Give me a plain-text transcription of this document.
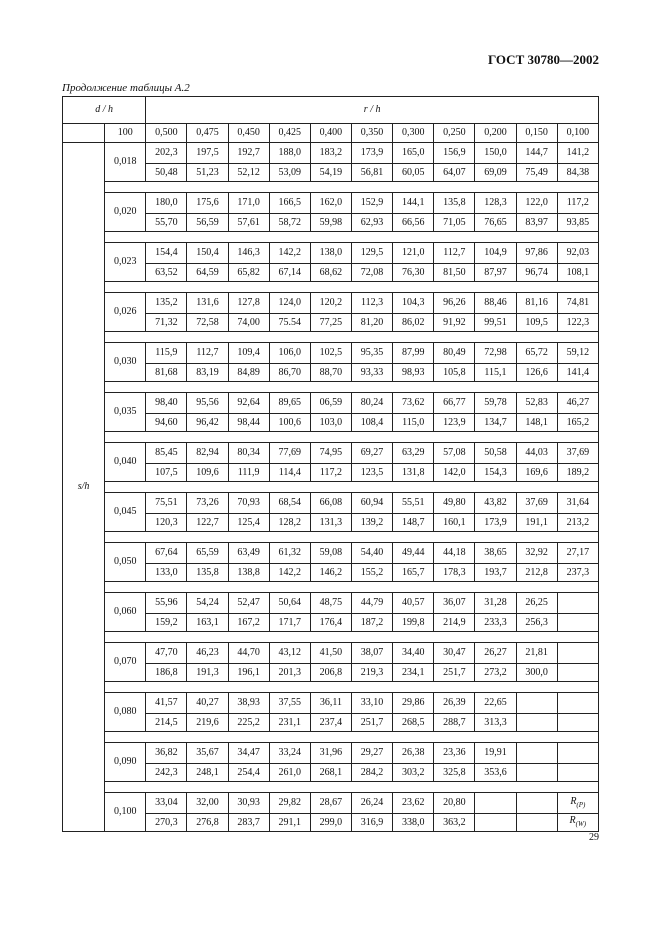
ГОСТ 30780—2002
Продолжение таблицы А.2
d / h		r / h										
	100	0,500	0,475	0,450	0,425	0,400	0,350	0,300	0,250	0,200	0,150	0,100
s/h	0,018	202,3	197,5	192,7	188,0	183,2	173,9	165,0	156,9	150,0	144,7	141,2
		50,48	51,23	52,12	53,09	54,19	56,81	60,05	64,07	69,09	75,49	84,38

	0,020	180,0	175,6	171,0	166,5	162,0	152,9	144,1	135,8	128,3	122,0	117,2
		55,70	56,59	57,61	58,72	59,98	62,93	66,56	71,05	76,65	83,97	93,85

	0,023	154,4	150,4	146,3	142,2	138,0	129,5	121,0	112,7	104,9	97,86	92,03
		63,52	64,59	65,82	67,14	68,62	72,08	76,30	81,50	87,97	96,74	108,1

	0,026	135,2	131,6	127,8	124,0	120,2	112,3	104,3	96,26	88,46	81,16	74,81
		71,32	72,58	74,00	75.54	77,25	81,20	86,02	91,92	99,51	109,5	122,3

	0,030	115,9	112,7	109,4	106,0	102,5	95,35	87,99	80,49	72,98	65,72	59,12
		81,68	83,19	84,89	86,70	88,70	93,33	98,93	105,8	115,1	126,6	141,4

	0,035	98,40	95,56	92,64	89,65	06,59	80,24	73,62	66,77	59,78	52,83	46,27
		94,60	96,42	98,44	100,6	103,0	108,4	115,0	123,9	134,7	148,1	165,2

	0,040	85,45	82,94	80,34	77,69	74,95	69,27	63,29	57,08	50,58	44,03	37,69
		107,5	109,6	111,9	114,4	117,2	123,5	131,8	142,0	154,3	169,6	189,2

	0,045	75,51	73,26	70,93	68,54	66,08	60,94	55,51	49,80	43,82	37,69	31,64
		120,3	122,7	125,4	128,2	131,3	139,2	148,7	160,1	173,9	191,1	213,2

	0,050	67,64	65,59	63,49	61,32	59,08	54,40	49,44	44,18	38,65	32,92	27,17
		133,0	135,8	138,8	142,2	146,2	155,2	165,7	178,3	193,7	212,8	237,3

	0,060	55,96	54,24	52,47	50,64	48,75	44,79	40,57	36,07	31,28	26,25	
		159,2	163,1	167,2	171,7	176,4	187,2	199,8	214,9	233,3	256,3	

	0,070	47,70	46,23	44,70	43,12	41,50	38,07	34,40	30,47	26,27	21,81	
		186,8	191,3	196,1	201,3	206,8	219,3	234,1	251,7	273,2	300,0	

	0,080	41,57	40,27	38,93	37,55	36,11	33,10	29,86	26,39	22,65		
		214,5	219,6	225,2	231,1	237,4	251,7	268,5	288,7	313,3		

	0,090	36,82	35,67	34,47	33,24	31,96	29,27	26,38	23,36	19,91		
		242,3	248,1	254,4	261,0	268,1	284,2	303,2	325,8	353,6		

	0,100	33,04	32,00	30,93	29,82	28,67	26,24	23,62	20,80			$R_{(P)}$
		270,3	276,8	283,7	291,1	299,0	316,9	338,0	363,2			$R_{(W)}$
29
